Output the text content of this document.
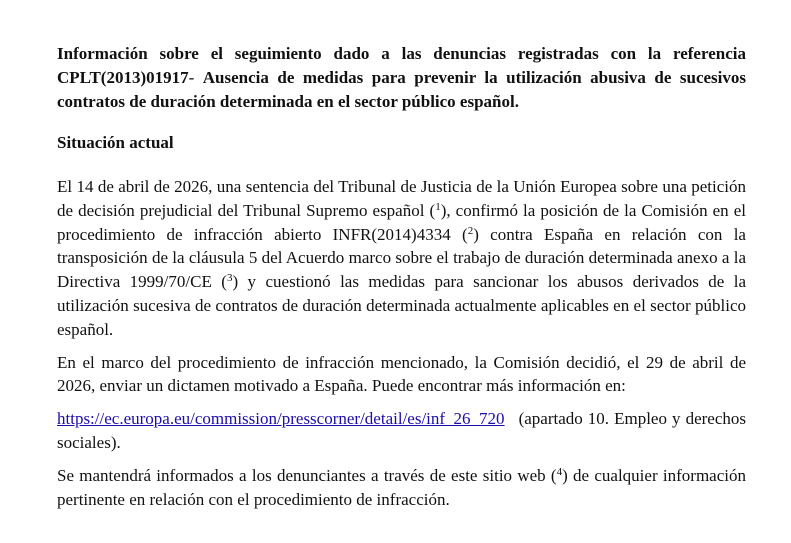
Información sobre el seguimiento dado a las denuncias registradas con la referencia CPLT(2013)01917- Ausencia de medidas para prevenir la utilización abusiva de sucesivos contratos de duración determinada en el sector público español.

Situación actual

El 14 de abril de 2026, una sentencia del Tribunal de Justicia de la Unión Europea sobre una petición de decisión prejudicial del Tribunal Supremo español ($^1$), confirmó la posición de la Comisión en el procedimiento de infracción abierto INFR(2014)4334 ($^2$) contra España en relación con la transposición de la cláusula 5 del Acuerdo marco sobre el trabajo de duración determinada anexo a la Directiva 1999/70/CE ($^3$) y cuestionó las medidas para sancionar los abusos derivados de la utilización sucesiva de contratos de duración determinada actualmente aplicables en el sector público español.

En el marco del procedimiento de infracción mencionado, la Comisión decidió, el 29 de abril de 2026, enviar un dictamen motivado a España. Puede encontrar más información en:

https://ec.europa.eu/commission/presscorner/detail/es/inf_26_720 (apartado 10. Empleo y derechos sociales).

Se mantendrá informados a los denunciantes a través de este sitio web ($^4$) de cualquier información pertinente en relación con el procedimiento de infracción.
